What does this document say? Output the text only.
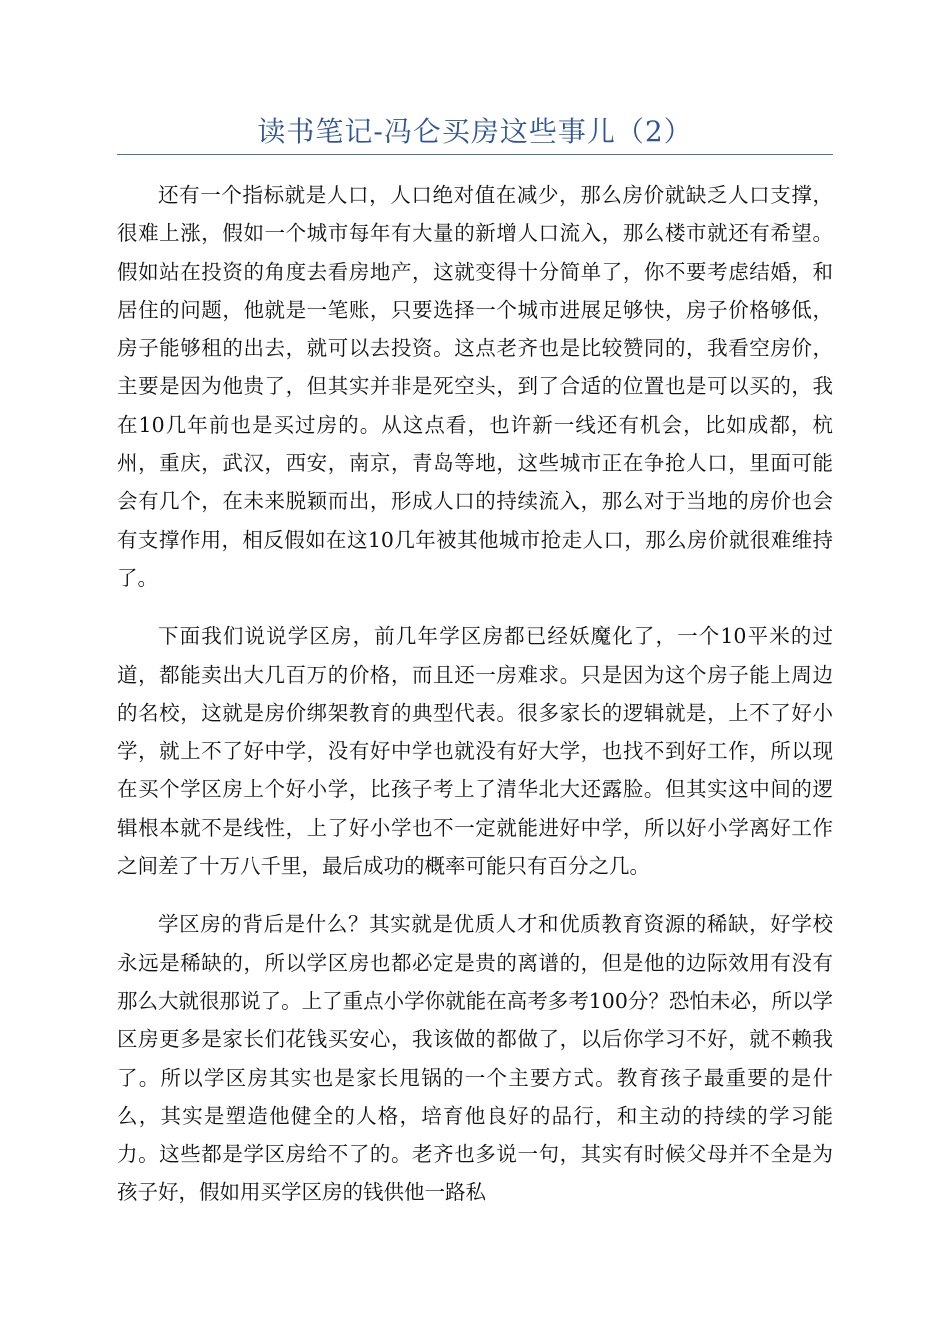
读书笔记-冯仑买房这些事儿（2）

还有一个指标就是人口，人口绝对值在减少，那么房价就缺乏人口支撑，很难上涨，假如一个城市每年有大量的新增人口流入，那么楼市就还有希望。假如站在投资的角度去看房地产，这就变得十分简单了，你不要考虑结婚，和居住的问题，他就是一笔账，只要选择一个城市进展足够快，房子价格够低，房子能够租的出去，就可以去投资。这点老齐也是比较赞同的，我看空房价，主要是因为他贵了，但其实并非是死空头，到了合适的位置也是可以买的，我在10几年前也是买过房的。从这点看，也许新一线还有机会，比如成都，杭州，重庆，武汉，西安，南京，青岛等地，这些城市正在争抢人口，里面可能会有几个，在未来脱颖而出，形成人口的持续流入，那么对于当地的房价也会有支撑作用，相反假如在这10几年被其他城市抢走人口，那么房价就很难维持了。

下面我们说说学区房，前几年学区房都已经妖魔化了，一个10平米的过道，都能卖出大几百万的价格，而且还一房难求。只是因为这个房子能上周边的名校，这就是房价绑架教育的典型代表。很多家长的逻辑就是，上不了好小学，就上不了好中学，没有好中学也就没有好大学，也找不到好工作，所以现在买个学区房上个好小学，比孩子考上了清华北大还露脸。但其实这中间的逻辑根本就不是线性，上了好小学也不一定就能进好中学，所以好小学离好工作之间差了十万八千里，最后成功的概率可能只有百分之几。

学区房的背后是什么？其实就是优质人才和优质教育资源的稀缺，好学校永远是稀缺的，所以学区房也都必定是贵的离谱的，但是他的边际效用有没有那么大就很那说了。上了重点小学你就能在高考多考100分？恐怕未必，所以学区房更多是家长们花钱买安心，我该做的都做了，以后你学习不好，就不赖我了。所以学区房其实也是家长甩锅的一个主要方式。教育孩子最重要的是什么，其实是塑造他健全的人格，培育他良好的品行，和主动的持续的学习能力。这些都是学区房给不了的。老齐也多说一句，其实有时候父母并不全是为孩子好，假如用买学区房的钱供他一路私
